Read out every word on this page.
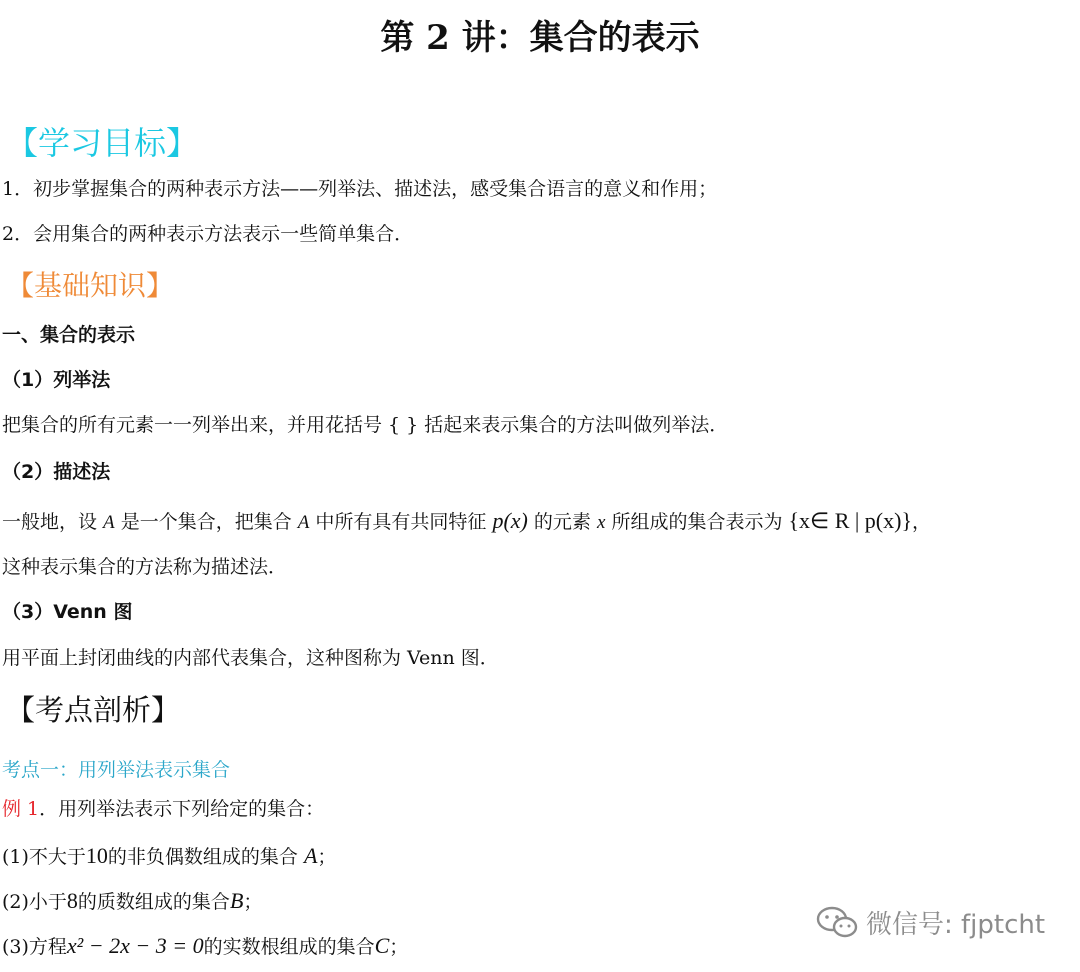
第 2 讲：集合的表示
【学习目标】
1．初步掌握集合的两种表示方法——列举法、描述法，感受集合语言的意义和作用；
2．会用集合的两种表示方法表示一些简单集合．
【基础知识】
一、集合的表示
（1）列举法
把集合的所有元素一一列举出来，并用花括号 { } 括起来表示集合的方法叫做列举法．
（2）描述法
一般地，设 A 是一个集合，把集合 A 中所有具有共同特征 p(x) 的元素 x 所组成的集合表示为 {x∈ R | p(x)}，
这种表示集合的方法称为描述法．
（3）Venn 图
用平面上封闭曲线的内部代表集合，这种图称为 Venn 图．
【考点剖析】
考点一：用列举法表示集合
例 1．用列举法表示下列给定的集合：
(1)不大于10的非负偶数组成的集合 A；
(2)小于8的质数组成的集合B；
(3)方程x² − 2x − 3 = 0的实数根组成的集合C；
微信号: fjptcht
